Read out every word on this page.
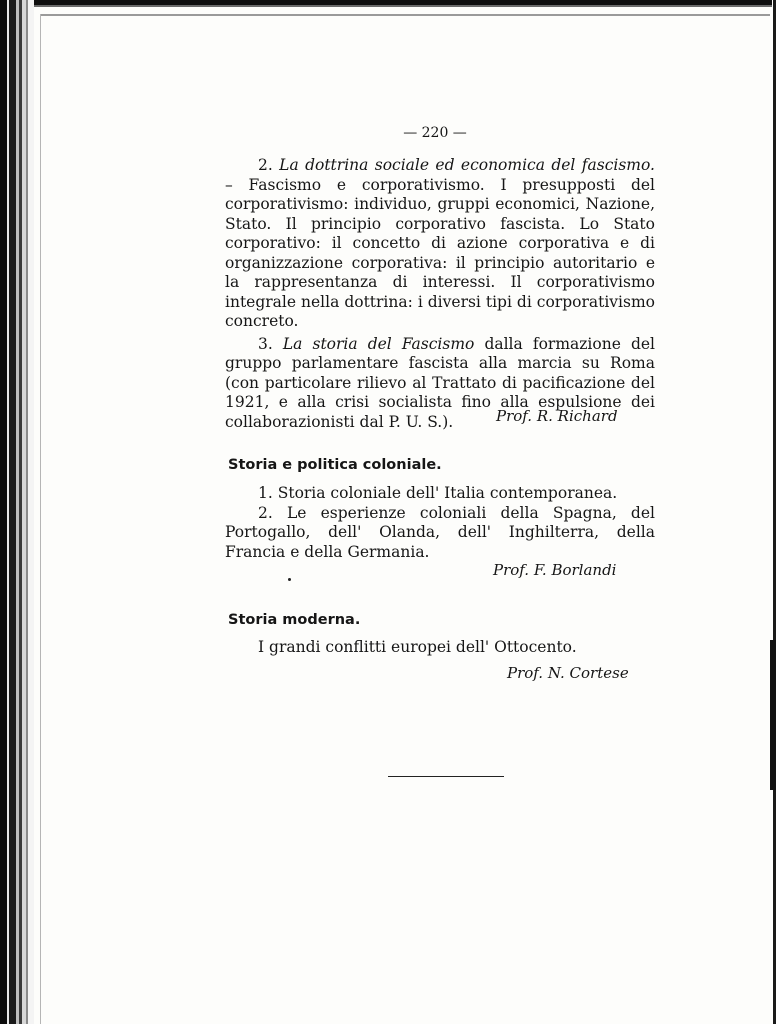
— 220 —

2. La dottrina sociale ed economica del fascismo. – Fascismo e corporativismo. I presupposti del corporativismo: individuo, gruppi economici, Nazione, Stato. Il principio corporativo fascista. Lo Stato corporativo: il concetto di azione corporativa e di organizzazione corporativa: il principio autoritario e la rappresentanza di interessi. Il corporativismo integrale nella dottrina: i diversi tipi di corporativismo concreto.

3. La storia del Fascismo dalla formazione del gruppo parlamentare fascista alla marcia su Roma (con particolare rilievo al Trattato di pacificazione del 1921, e alla crisi socialista fino alla espulsione dei collaborazionisti dal P. U. S.).	Prof. R. Richard
Storia e politica coloniale.

1. Storia coloniale dell' Italia contemporanea.

2. Le esperienze coloniali della Spagna, del Portogallo, dell' Olanda, dell' Inghilterra, della Francia e della Germania.

Prof. F. Borlandi
Storia moderna.

I grandi conflitti europei dell' Ottocento.

Prof. N. Cortese
